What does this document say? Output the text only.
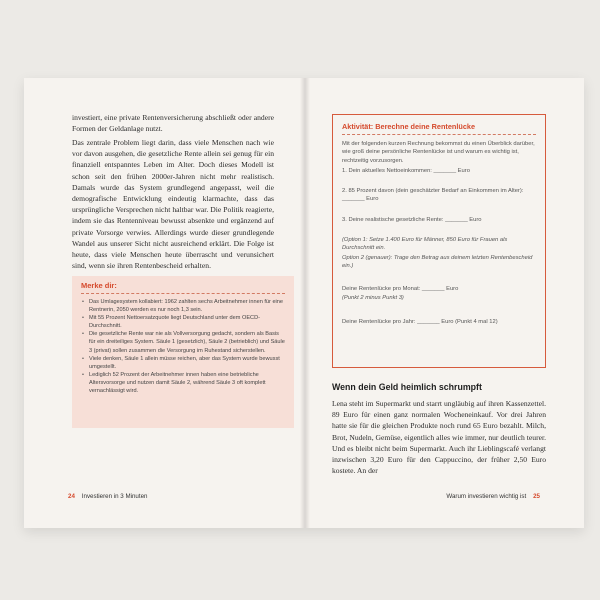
investiert, eine private Rentenversicherung abschließt oder andere Formen der Geldanlage nutzt.

Das zentrale Problem liegt darin, dass viele Menschen nach wie vor davon ausgehen, die gesetzliche Rente allein sei genug für ein finanziell entspanntes Leben im Alter. Doch dieses Modell ist schon seit den frühen 2000er-Jahren nicht mehr realistisch. Damals wurde das System grundlegend angepasst, weil die demografische Entwicklung eindeutig klarmachte, dass das ursprüngliche Versprechen nicht haltbar war. Die Politik reagierte, indem sie das Rentenniveau bewusst absenkte und ergänzend auf private Vorsorge verwies. Allerdings wurde dieser grundlegende Wandel aus unserer Sicht nicht ausreichend erklärt. Die Folge ist heute, dass viele Menschen heute überrascht und verunsichert sind, wenn sie ihren Rentenbescheid erhalten.

Merke dir:
• Das Umlagesystem kollabiert: 1962 zahlten sechs Arbeitnehmer innen für eine Rentnerin, 2050 werden es nur noch 1,3 sein.
• Mit 55 Prozent Nettoersatzquote liegt Deutschland unter dem OECD-Durchschnitt.
• Die gesetzliche Rente war nie als Vollversorgung gedacht, sondern als Basis für ein dreiteiliges System. Säule 1 (gesetzlich), Säule 2 (betrieblich) und Säule 3 (privat) sollen zusammen die Versorgung im Ruhestand sicherstellen.
• Viele denken, Säule 1 allein müsse reichen, aber das System wurde bewusst umgestellt.
• Lediglich 52 Prozent der Arbeitnehmer innen haben eine betriebliche Altersvorsorge und nutzen damit Säule 2, während Säule 3 oft komplett vernachlässigt wird.
24 Investieren in 3 Minuten
Aktivität: Berechne deine Rentenlücke
Mit der folgenden kurzen Rechnung bekommst du einen Überblick darüber, wie groß deine persönliche Rentenlücke ist und warum es wichtig ist, rechtzeitig vorzusorgen.
1. Dein aktuelles Nettoeinkommen: _______ Euro
2. 85 Prozent davon (dein geschätzter Bedarf an Einkommen im Alter): _______ Euro
3. Deine realistische gesetzliche Rente: _______ Euro
(Option 1: Setze 1.400 Euro für Männer, 850 Euro für Frauen als Durchschnitt ein.
Option 2 (genauer): Trage den Betrag aus deinem letzten Rentenbescheid ein.)
Deine Rentenlücke pro Monat: _______ Euro
(Punkt 2 minus Punkt 3)
Deine Rentenlücke pro Jahr: _______ Euro (Punkt 4 mal 12)
Wenn dein Geld heimlich schrumpft

Lena steht im Supermarkt und starrt ungläubig auf ihren Kassenzettel. 89 Euro für einen ganz normalen Wocheneinkauf. Vor drei Jahren hatte sie für die gleichen Produkte noch rund 65 Euro bezahlt. Milch, Brot, Nudeln, Gemüse, eigentlich alles wie immer, nur deutlich teurer. Und es bleibt nicht beim Supermarkt. Auch ihr Lieblingscafé verlangt inzwischen 3,20 Euro für den Cappuccino, der früher 2,50 Euro kostete. An der

Warum investieren wichtig ist 25
